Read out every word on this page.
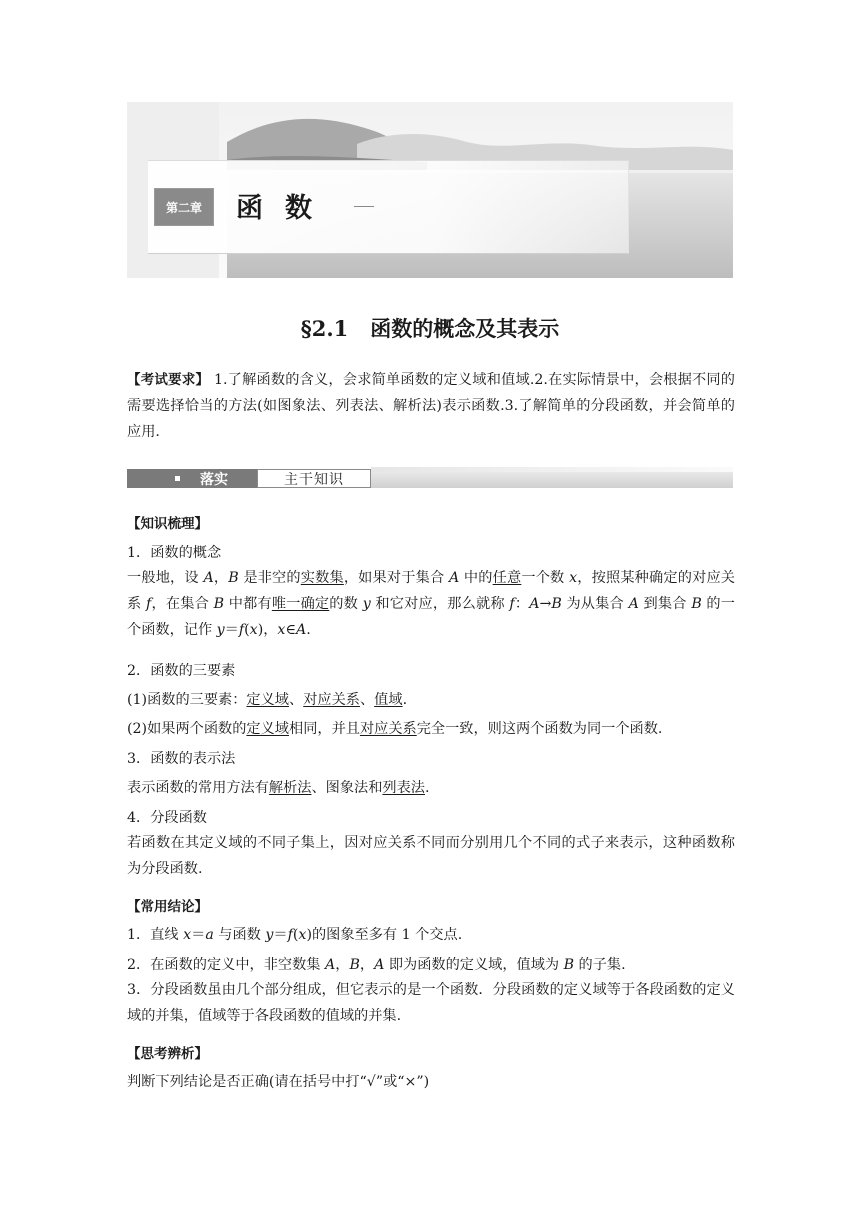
第二章	函数
§2.1 函数的概念及其表示
【考试要求】 1.了解函数的含义，会求简单函数的定义域和值域.2.在实际情景中，会根据不同的需要选择恰当的方法(如图象法、列表法、解析法)表示函数.3.了解简单的分段函数，并会简单的应用.
落实	主干知识
【知识梳理】
1．函数的概念
一般地，设 A，B 是非空的实数集，如果对于集合 A 中的任意一个数 x，按照某种确定的对应关系 f，在集合 B 中都有唯一确定的数 y 和它对应，那么就称 f：A→B 为从集合 A 到集合 B 的一个函数，记作 y＝f(x)，x∈A.
2．函数的三要素
(1)函数的三要素：定义域、对应关系、值域.
(2)如果两个函数的定义域相同，并且对应关系完全一致，则这两个函数为同一个函数.
3．函数的表示法
表示函数的常用方法有解析法、图象法和列表法.
4．分段函数
若函数在其定义域的不同子集上，因对应关系不同而分别用几个不同的式子来表示，这种函数称为分段函数.
【常用结论】
1．直线 x＝a 与函数 y＝f(x)的图象至多有 1 个交点.
2．在函数的定义中，非空数集 A，B，A 即为函数的定义域，值域为 B 的子集.
3．分段函数虽由几个部分组成，但它表示的是一个函数．分段函数的定义域等于各段函数的定义域的并集，值域等于各段函数的值域的并集.
【思考辨析】
判断下列结论是否正确(请在括号中打“√”或“×”)
